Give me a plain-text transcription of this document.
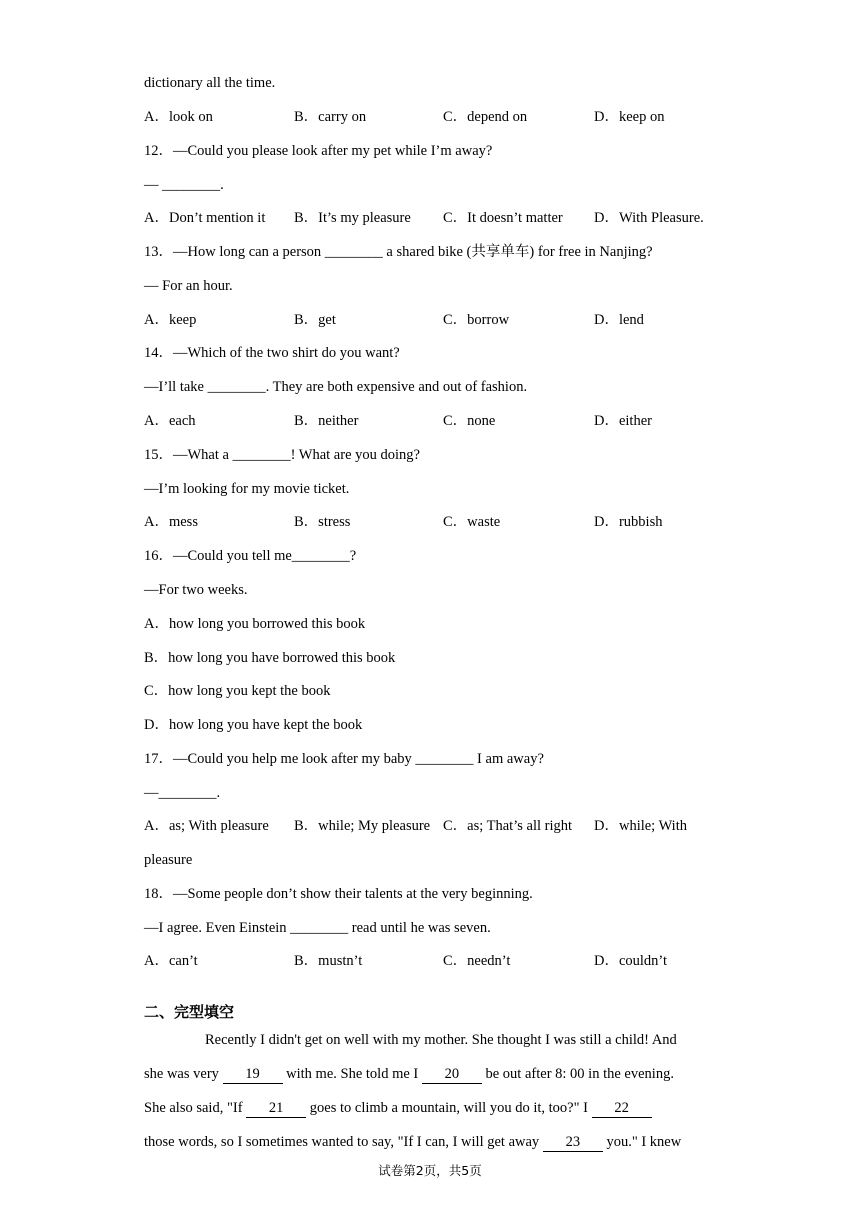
dictionary all the time.
A．look on	B．carry on	C．depend on	D．keep on
12．—Could you please look after my pet while I’m away?
— ________.
A．Don’t mention it B．It’s my pleasure C．It doesn’t matter D．With Pleasure.
13．—How long can a person ________ a shared bike (共享单车) for free in Nanjing?
— For an hour.
A．keep	B．get	C．borrow	D．lend
14．—Which of the two shirt do you want?
—I’ll take ________. They are both expensive and out of fashion.
A．each	B．neither	C．none	D．either
15．—What a ________! What are you doing?
—I’m looking for my movie ticket.
A．mess	B．stress	C．waste	D．rubbish
16．—Could you tell me________?
—For two weeks.
A．how long you borrowed this book
B．how long you have borrowed this book
C．how long you kept the book
D．how long you have kept the book
17．—Could you help me look after my baby ________ I am away?
—________.
A．as; With pleasure B．while; My pleasure C．as; That’s all right D．while; With
pleasure
18．—Some people don’t show their talents at the very beginning.
—I agree. Even Einstein ________ read until he was seven.
A．can’t	B．mustn’t	C．needn’t	D．couldn’t
二、完型填空
Recently I didn't get on well with my mother. She thought I was still a child! And
she was very 19 with me. She told me I 20 be out after 8: 00 in the evening.
She also said, "If 21 goes to climb a mountain, will you do it, too?" I 22
those words, so I sometimes wanted to say, "If I can, I will get away 23 you." I knew
试卷第2页，共5页
